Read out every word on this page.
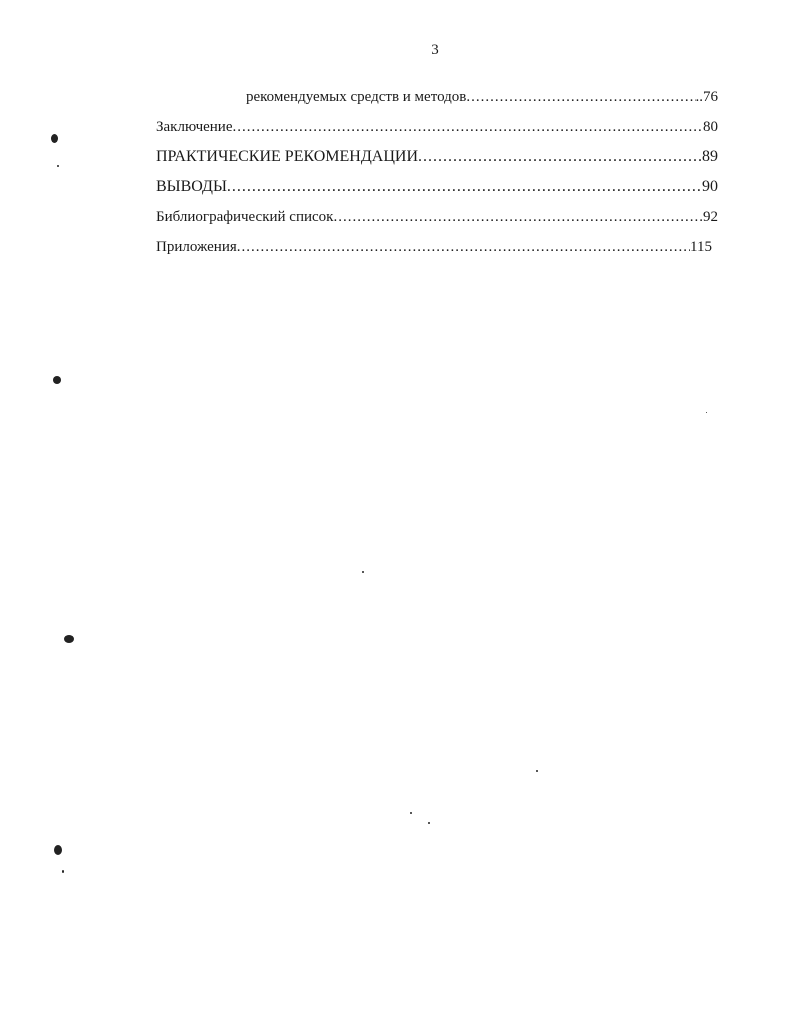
3
рекомендуемых средств и методов .....	..76
Заключение .....	80
ПРАКТИЧЕСКИЕ РЕКОМЕНДАЦИИ .....	89
ВЫВОДЫ .....	90
Библиографический список .....	92
Приложения .....	115
